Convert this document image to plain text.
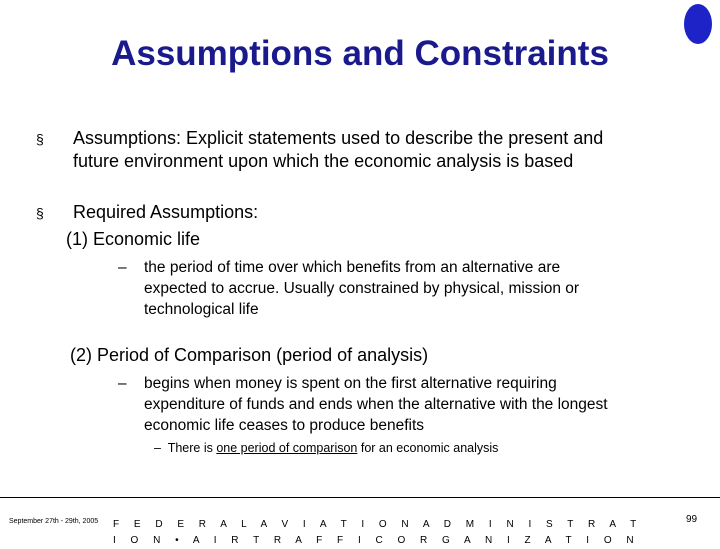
Assumptions and Constraints
§ Assumptions: Explicit statements used to describe the present and
future environment upon which the economic analysis is based
§ Required Assumptions:
(1) Economic life
– the period of time over which benefits from an alternative are
expected to accrue. Usually constrained by physical, mission or
technological life
(2) Period of Comparison (period of analysis)
– begins when money is spent on the first alternative requiring
expenditure of funds and ends when the alternative with the longest
economic life ceases to produce benefits
– There is one period of comparison for an economic analysis
September 27th - 29th, 2005 F E D E R A L A V I A T I O N A D M I N I S T R A T I O N • A I R T R A F F I C O R G A N I Z A T I O N
99
